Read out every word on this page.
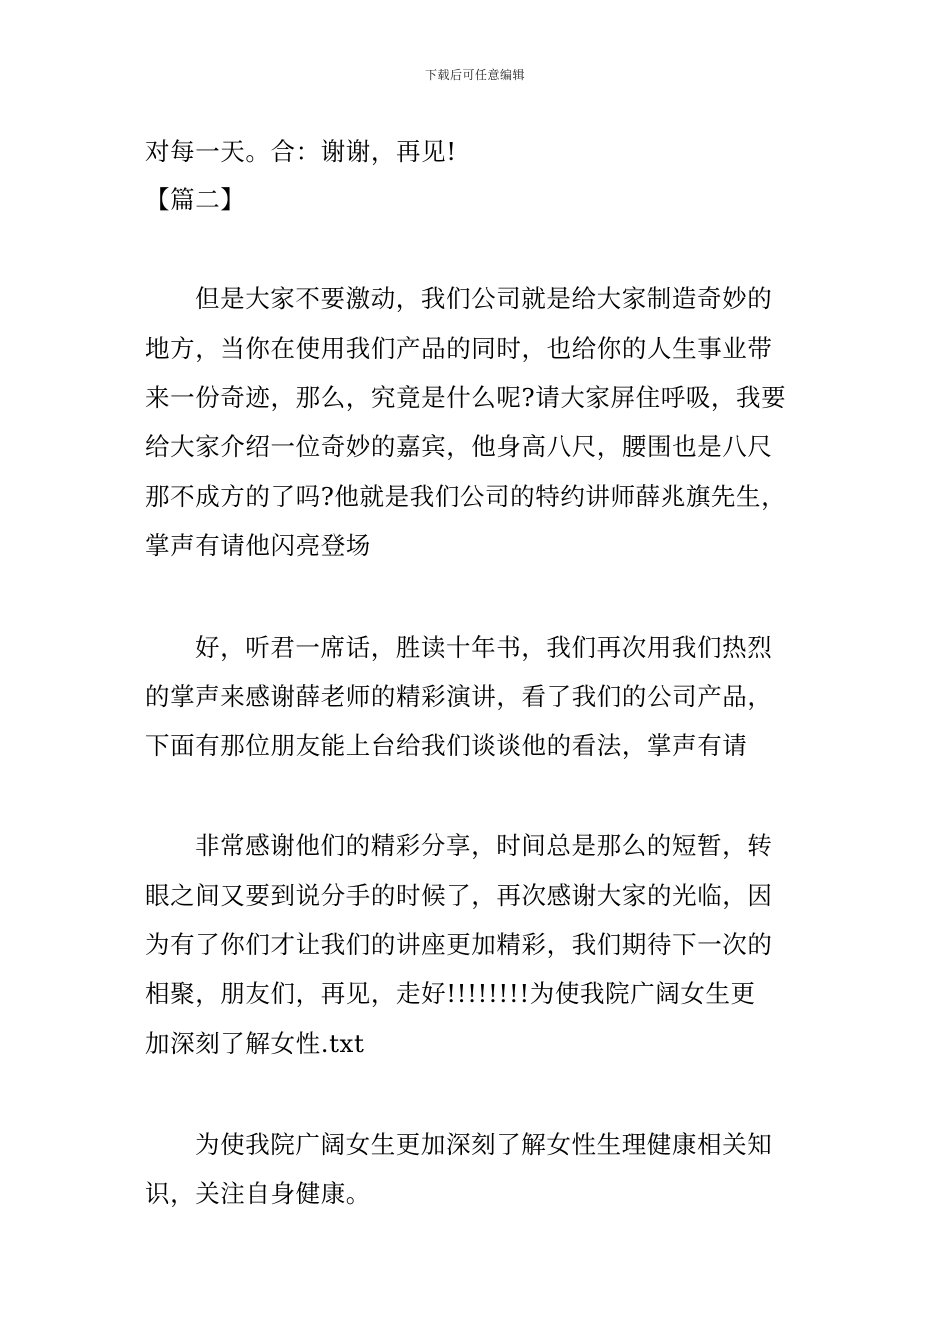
下载后可任意编辑
对每一天。合：谢谢，再见!
【篇二】
但是大家不要激动，我们公司就是给大家制造奇妙的
地方，当你在使用我们产品的同时，也给你的人生事业带
来一份奇迹，那么，究竟是什么呢?请大家屏住呼吸，我要
给大家介绍一位奇妙的嘉宾，他身高八尺，腰围也是八尺
那不成方的了吗?他就是我们公司的特约讲师薛兆旗先生，
掌声有请他闪亮登场
好，听君一席话，胜读十年书，我们再次用我们热烈
的掌声来感谢薛老师的精彩演讲，看了我们的公司产品，
下面有那位朋友能上台给我们谈谈他的看法，掌声有请
非常感谢他们的精彩分享，时间总是那么的短暂，转
眼之间又要到说分手的时候了，再次感谢大家的光临，因
为有了你们才让我们的讲座更加精彩，我们期待下一次的
相聚，朋友们，再见，走好!!!!!!!!为使我院广阔女生更
加深刻了解女性.txt
为使我院广阔女生更加深刻了解女性生理健康相关知
识，关注自身健康。
